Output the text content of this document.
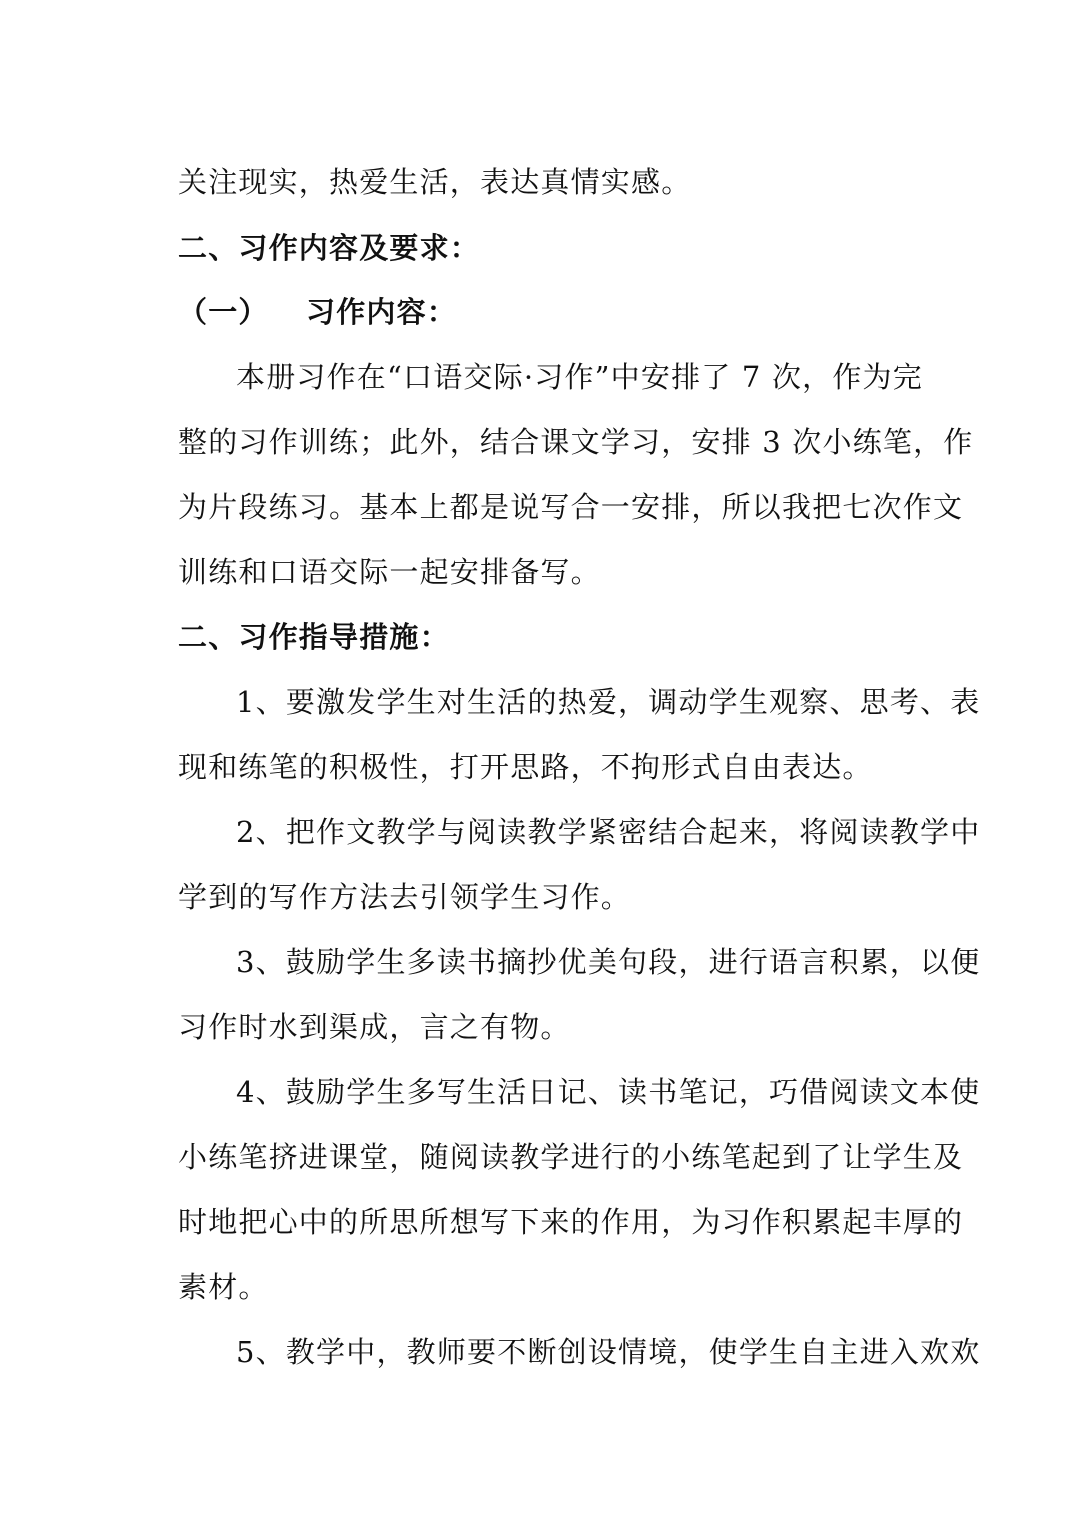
关注现实，热爱生活，表达真情实感。
二、习作内容及要求：
（一） 习作内容：
本册习作在“口语交际·习作”中安排了 7 次，作为完
整的习作训练；此外，结合课文学习，安排 3 次小练笔，作
为片段练习。基本上都是说写合一安排，所以我把七次作文
训练和口语交际一起安排备写。
二、习作指导措施：
1、要激发学生对生活的热爱，调动学生观察、思考、表
现和练笔的积极性，打开思路，不拘形式自由表达。
2、把作文教学与阅读教学紧密结合起来，将阅读教学中
学到的写作方法去引领学生习作。
3、鼓励学生多读书摘抄优美句段，进行语言积累，以便
习作时水到渠成，言之有物。
4、鼓励学生多写生活日记、读书笔记，巧借阅读文本使
小练笔挤进课堂，随阅读教学进行的小练笔起到了让学生及
时地把心中的所思所想写下来的作用，为习作积累起丰厚的
素材。
5、教学中，教师要不断创设情境，使学生自主进入欢欢
